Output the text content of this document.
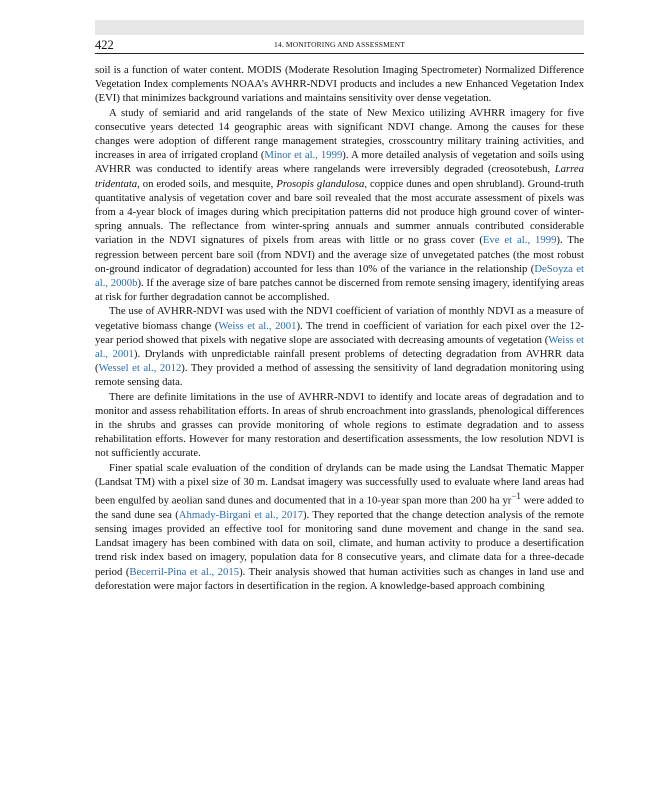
422	14. MONITORING AND ASSESSMENT

soil is a function of water content. MODIS (Moderate Resolution Imaging Spectrometer) Normalized Difference Vegetation Index complements NOAA’s AVHRR-NDVI products and includes a new Enhanced Vegetation Index (EVI) that minimizes background variations and maintains sensitivity over dense vegetation.

A study of semiarid and arid rangelands of the state of New Mexico utilizing AVHRR imagery for five consecutive years detected 14 geographic areas with significant NDVI change. Among the causes for these changes were adoption of different range management strategies, crosscountry military training activities, and increases in area of irrigated cropland (Minor et al., 1999). A more detailed analysis of vegetation and soils using AVHRR was conducted to identify areas where rangelands were irreversibly degraded (creosotebush, Larrea tridentata, on eroded soils, and mesquite, Prosopis glandulosa, coppice dunes and open shrubland). Ground-truth quantitative analysis of vegetation cover and bare soil revealed that the most accurate assessment of pixels was from a 4-year block of images during which precipitation patterns did not produce high ground cover of winter-spring annuals. The reflectance from winter-spring annuals and summer annuals contributed considerable variation in the NDVI signatures of pixels from areas with little or no grass cover (Eve et al., 1999). The regression between percent bare soil (from NDVI) and the average size of unvegetated patches (the most robust on-ground indicator of degradation) accounted for less than 10% of the variance in the relationship (DeSoyza et al., 2000b). If the average size of bare patches cannot be discerned from remote sensing imagery, identifying areas at risk for further degradation cannot be accomplished.

The use of AVHRR-NDVI was used with the NDVI coefficient of variation of monthly NDVI as a measure of vegetative biomass change (Weiss et al., 2001). The trend in coefficient of variation for each pixel over the 12-year period showed that pixels with negative slope are associated with decreasing amounts of vegetation (Weiss et al., 2001). Drylands with unpredictable rainfall present problems of detecting degradation from AVHRR data (Wessel et al., 2012). They provided a method of assessing the sensitivity of land degradation monitoring using remote sensing data.

There are definite limitations in the use of AVHRR-NDVI to identify and locate areas of degradation and to monitor and assess rehabilitation efforts. In areas of shrub encroachment into grasslands, phenological differences in the shrubs and grasses can provide monitoring of whole regions to estimate degradation and to assess rehabilitation efforts. However for many restoration and desertification assessments, the low resolution NDVI is not sufficiently accurate.

Finer spatial scale evaluation of the condition of drylands can be made using the Landsat Thematic Mapper (Landsat TM) with a pixel size of 30 m. Landsat imagery was successfully used to evaluate where land areas had been engulfed by aeolian sand dunes and documented that in a 10-year span more than 200 ha $yr^{-1}$ were added to the sand dune sea (Ahmady-Birgani et al., 2017). They reported that the change detection analysis of the remote sensing images provided an effective tool for monitoring sand dune movement and change in the sand sea. Landsat imagery has been combined with data on soil, climate, and human activity to produce a desertification trend risk index based on imagery, population data for 8 consecutive years, and climate data for a three-decade period (Becerril-Pina et al., 2015). Their analysis showed that human activities such as changes in land use and deforestation were major factors in desertification in the region. A knowledge-based approach combining
